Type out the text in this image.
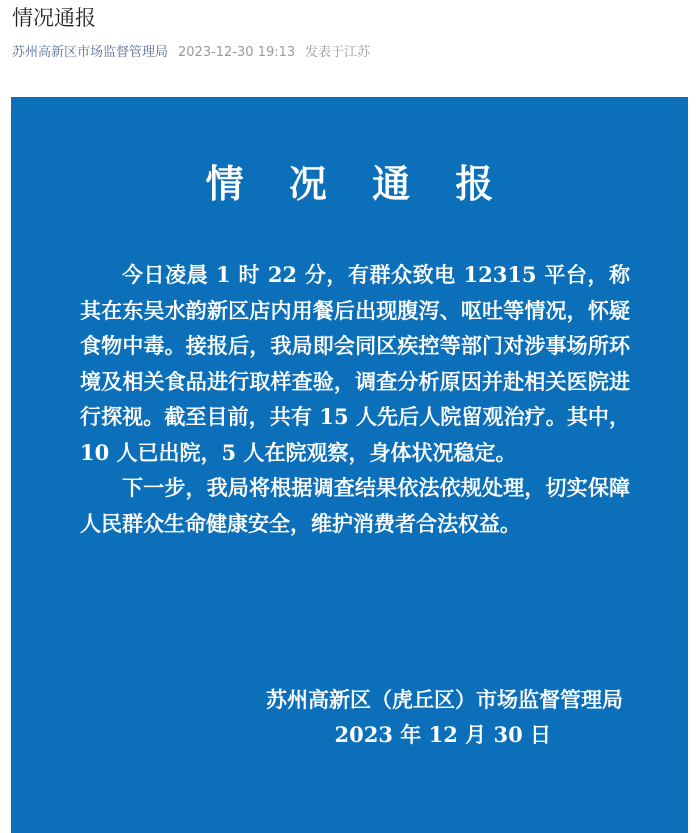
情况通报
苏州高新区市场监督管理局 2023-12-30 19:13 发表于江苏
情 况 通 报

今日凌晨 1 时 22 分，有群众致电 12315 平台，称其在东吴水韵新区店内用餐后出现腹泻、呕吐等情况，怀疑食物中毒。接报后，我局即会同区疾控等部门对涉事场所环境及相关食品进行取样查验，调查分析原因并赴相关医院进行探视。截至目前，共有 15 人先后人院留观治疗。其中，10 人已出院，5 人在院观察，身体状况稳定。

下一步，我局将根据调查结果依法依规处理，切实保障人民群众生命健康安全，维护消费者合法权益。

苏州高新区（虎丘区）市场监督管理局
2023 年 12 月 30 日
